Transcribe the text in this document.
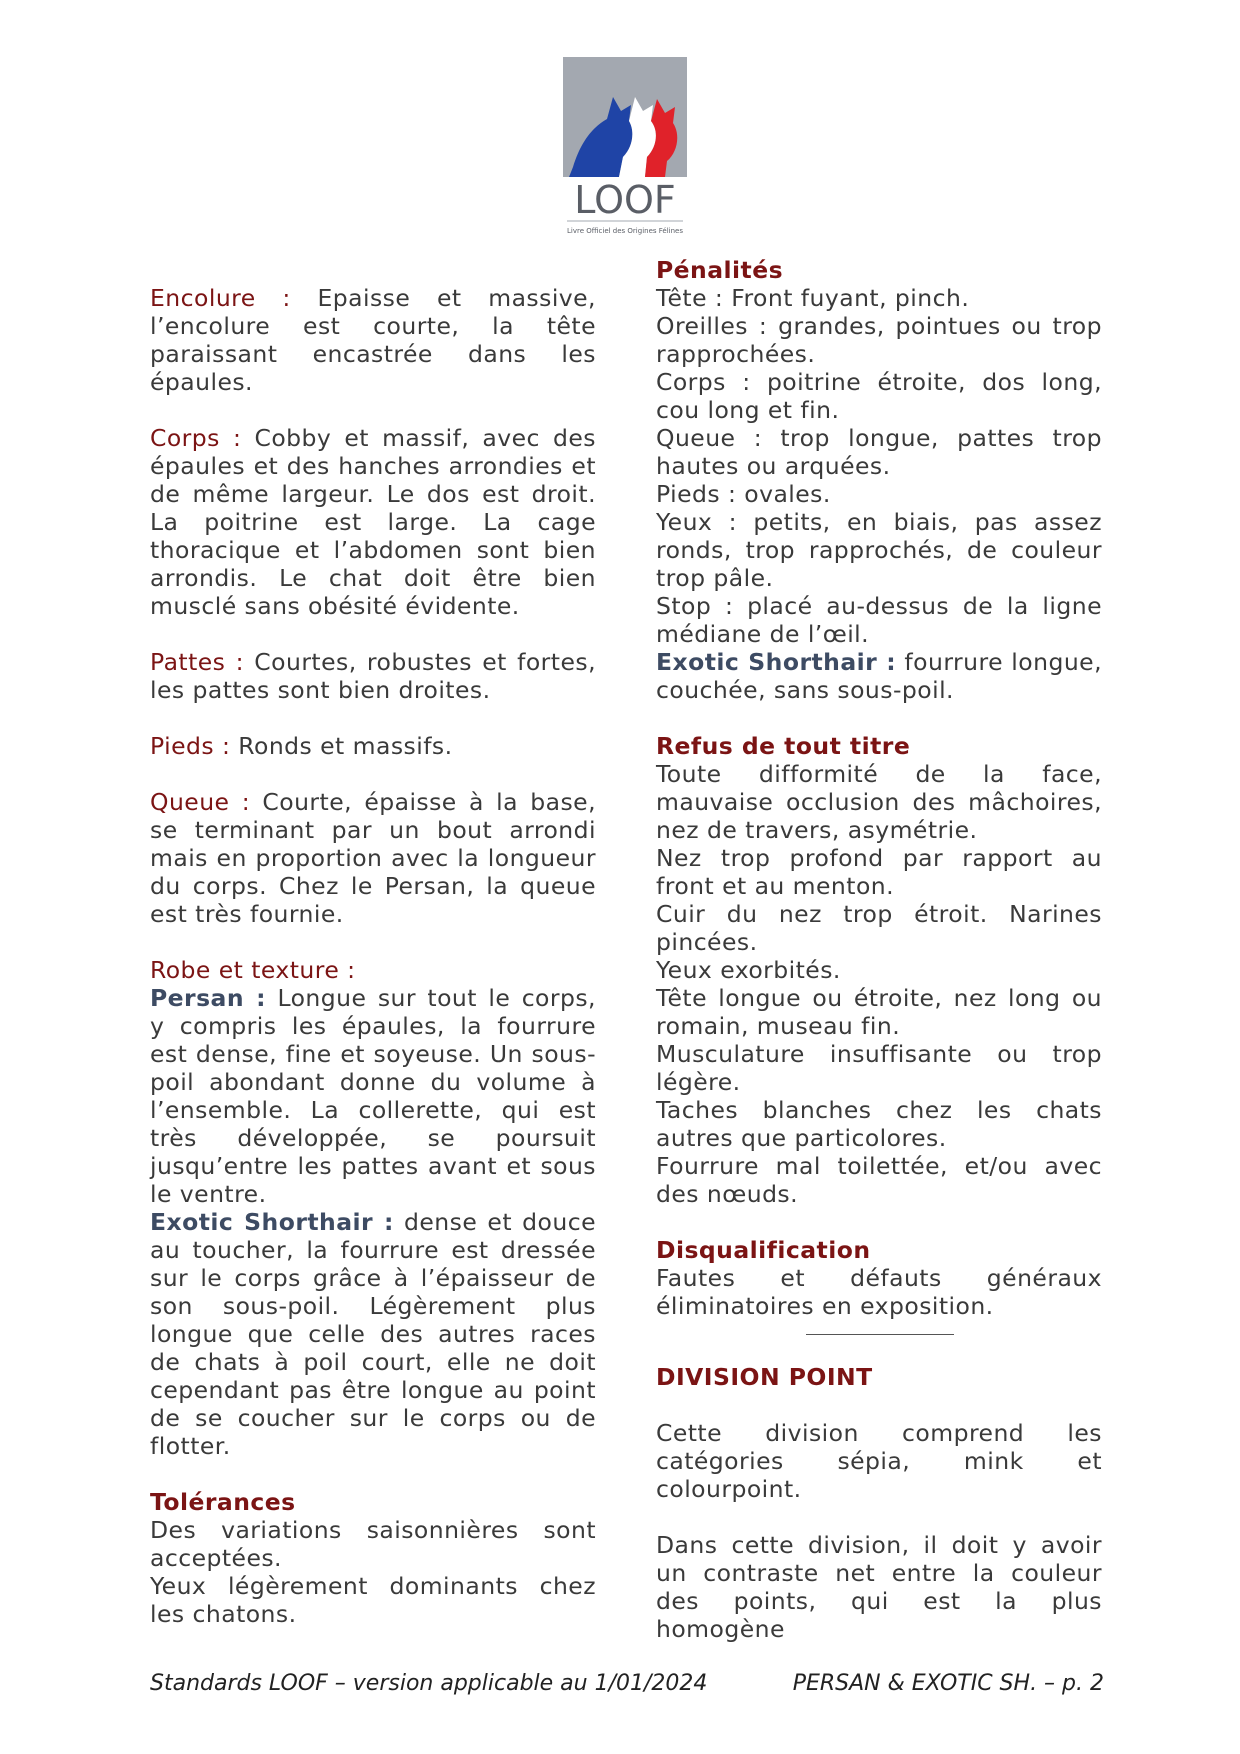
LOOF
Livre Officiel des Origines Félines

Encolure : Epaisse et massive, l’encolure est courte, la tête paraissant encastrée dans les épaules.

Corps : Cobby et massif, avec des épaules et des hanches arrondies et de même largeur. Le dos est droit. La poitrine est large. La cage thoracique et l’abdomen sont bien arrondis. Le chat doit être bien musclé sans obésité évidente.

Pattes : Courtes, robustes et fortes, les pattes sont bien droites.

Pieds : Ronds et massifs.

Queue : Courte, épaisse à la base, se terminant par un bout arrondi mais en proportion avec la longueur du corps. Chez le Persan, la queue est très fournie.

Robe et texture :

Persan : Longue sur tout le corps, y compris les épaules, la fourrure est dense, fine et soyeuse. Un sous-poil abondant donne du volume à l’ensemble. La collerette, qui est très développée, se poursuit jusqu’entre les pattes avant et sous le ventre.

Exotic Shorthair : dense et douce au toucher, la fourrure est dressée sur le corps grâce à l’épaisseur de son sous-poil. Légèrement plus longue que celle des autres races de chats à poil court, elle ne doit cependant pas être longue au point de se coucher sur le corps ou de flotter.

Tolérances

Des variations saisonnières sont acceptées.

Yeux légèrement dominants chez les chatons.

Pénalités

Tête : Front fuyant, pinch.

Oreilles : grandes, pointues ou trop rapprochées.

Corps : poitrine étroite, dos long, cou long et fin.

Queue : trop longue, pattes trop hautes ou arquées.

Pieds : ovales.

Yeux : petits, en biais, pas assez ronds, trop rapprochés, de couleur trop pâle.

Stop : placé au-dessus de la ligne médiane de l’œil.

Exotic Shorthair : fourrure longue, couchée, sans sous-poil.

Refus de tout titre

Toute difformité de la face, mauvaise occlusion des mâchoires, nez de travers, asymétrie.

Nez trop profond par rapport au front et au menton.

Cuir du nez trop étroit. Narines pincées.

Yeux exorbités.

Tête longue ou étroite, nez long ou romain, museau fin.

Musculature insuffisante ou trop légère.

Taches blanches chez les chats autres que particolores.

Fourrure mal toilettée, et/ou avec des nœuds.

Disqualification

Fautes et défauts généraux éliminatoires en exposition.

DIVISION POINT

Cette division comprend les catégories sépia, mink et colourpoint.

Dans cette division, il doit y avoir un contraste net entre la couleur des points, qui est la plus homogène

Standards LOOF – version applicable au 1/01/2024	PERSAN & EXOTIC SH. – p. 2
